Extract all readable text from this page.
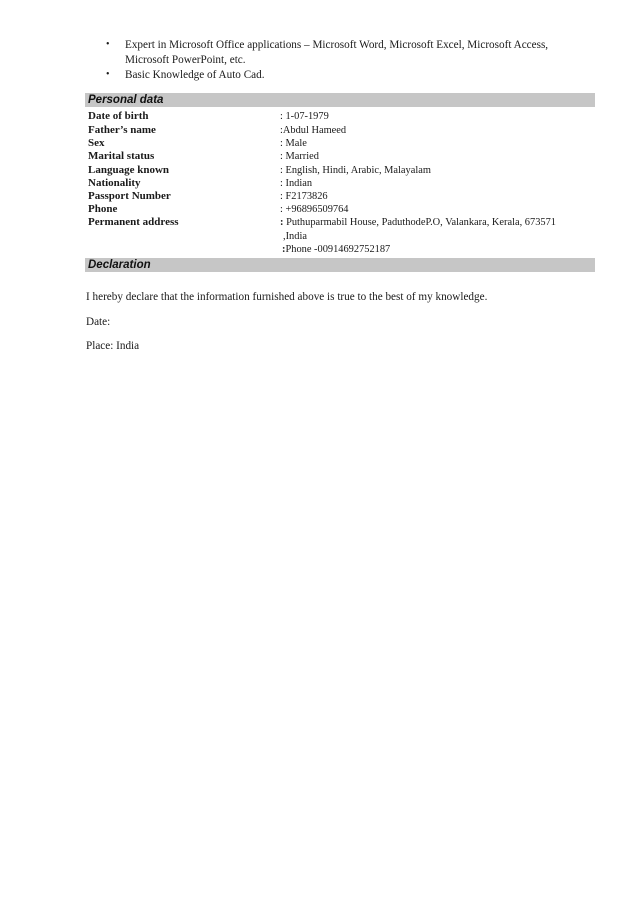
• Expert in Microsoft Office applications – Microsoft Word, Microsoft Excel, Microsoft Access, Microsoft PowerPoint, etc.
• Basic Knowledge of Auto Cad.
Personal data
Date of birth	: 1-07-1979
Father’s name	:Abdul Hameed
Sex	: Male
Marital status	: Married
Language known	: English, Hindi, Arabic, Malayalam
Nationality	: Indian
Passport Number	: F2173826
Phone	: +96896509764
Permanent address	: Puthuparmabil House, PaduthodeP.O, Valankara, Kerala, 673571
,India
:Phone -00914692752187
Declaration
I hereby declare that the information furnished above is true to the best of my knowledge.
Date:
Place: India
